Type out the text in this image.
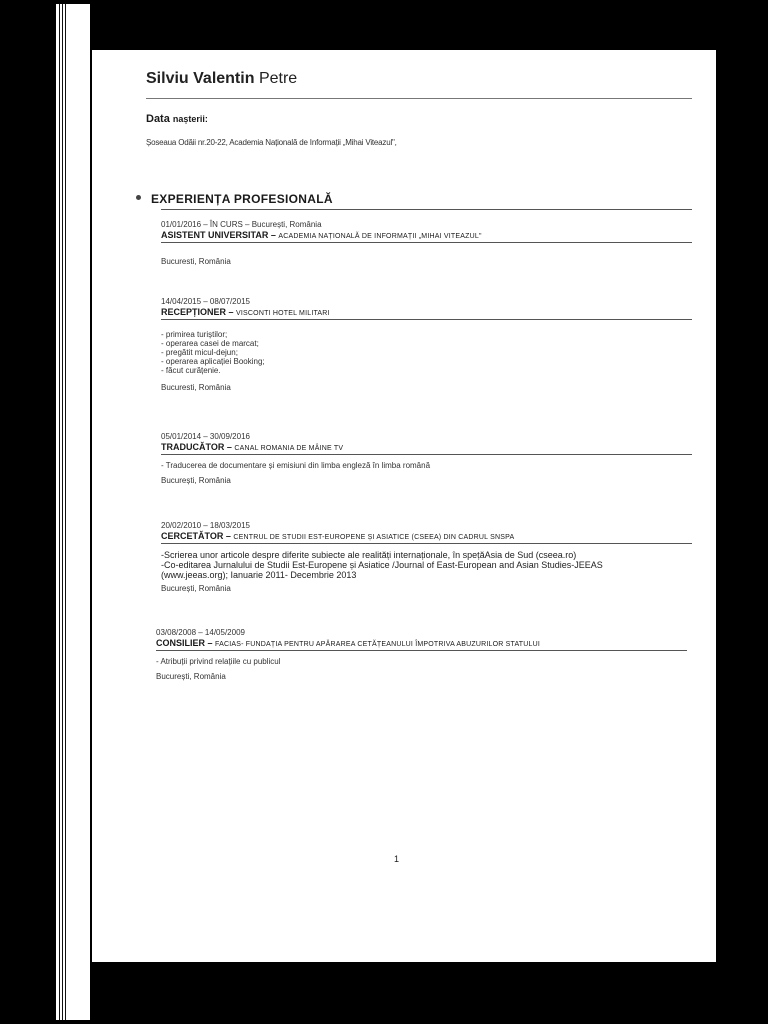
Silviu Valentin Petre
Data nașterii:
Șoseaua Odăii nr.20-22, Academia Națională de Informații „Mihai Viteazul",
EXPERIENȚA PROFESIONALĂ
01/01/2016 – ÎN CURS – București, România
ASISTENT UNIVERSITAR – ACADEMIA NAȚIONALĂ DE INFORMAȚII „MIHAI VITEAZUL"
Bucuresti, România
14/04/2015 – 08/07/2015
RECEPȚIONER – VISCONTI HOTEL MILITARI
- primirea turiștilor;
- operarea casei de marcat;
- pregătit micul-dejun;
- operarea aplicației Booking;
- făcut curățenie.
Bucuresti, România
05/01/2014 – 30/09/2016
TRADUCĂTOR – CANAL ROMANIA DE MÂINE TV
- Traducerea de documentare și emisiuni din limba engleză în limba română
București, România
20/02/2010 – 18/03/2015
CERCETĂTOR – CENTRUL DE STUDII EST-EUROPENE ȘI ASIATICE (CSEEA) DIN CADRUL SNSPA
-Scrierea unor articole despre diferite subiecte ale realități internaționale, în spețăAsia de Sud (cseea.ro)
-Co-editarea Jurnalului de Studii Est-Europene și Asiatice /Journal of East-European and Asian Studies-JEEAS (www.jeeas.org); Ianuarie 2011- Decembrie 2013
București, România
03/08/2008 – 14/05/2009
CONSILIER – FACIAS- FUNDAȚIA PENTRU APĂRAREA CETĂȚEANULUI ÎMPOTRIVA ABUZURILOR STATULUI
- Atribuții privind relațiile cu publicul
București, România
1
